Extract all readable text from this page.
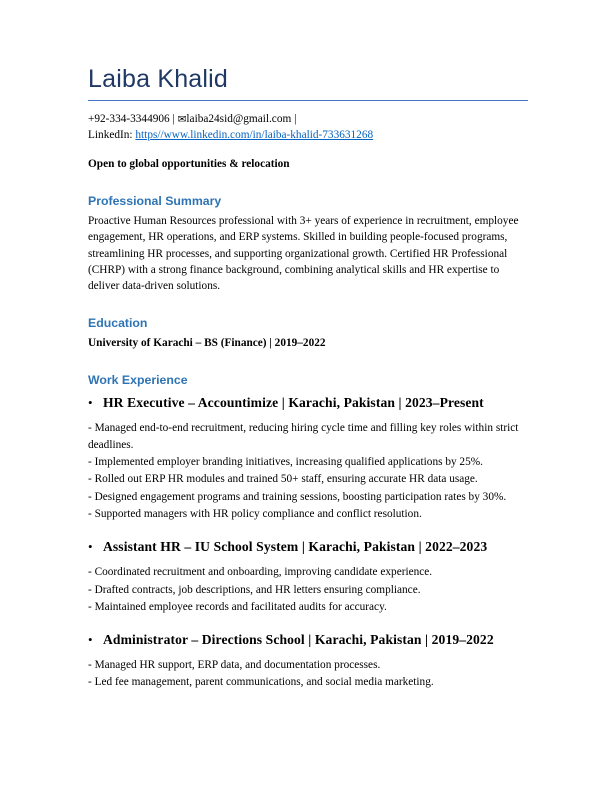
Laiba Khalid
+92-334-3344906 | ✉laiba24sid@gmail.com |
LinkedIn: https//www.linkedin.com/in/laiba-khalid-733631268
Open to global opportunities & relocation
Professional Summary
Proactive Human Resources professional with 3+ years of experience in recruitment, employee engagement, HR operations, and ERP systems. Skilled in building people-focused programs, streamlining HR processes, and supporting organizational growth. Certified HR Professional (CHRP) with a strong finance background, combining analytical skills and HR expertise to deliver data-driven solutions.
Education
University of Karachi – BS (Finance) | 2019–2022
Work Experience
• HR Executive – Accountimize | Karachi, Pakistan | 2023–Present
- Managed end-to-end recruitment, reducing hiring cycle time and filling key roles within strict deadlines.
- Implemented employer branding initiatives, increasing qualified applications by 25%.
- Rolled out ERP HR modules and trained 50+ staff, ensuring accurate HR data usage.
- Designed engagement programs and training sessions, boosting participation rates by 30%.
- Supported managers with HR policy compliance and conflict resolution.
• Assistant HR – IU School System | Karachi, Pakistan | 2022–2023
- Coordinated recruitment and onboarding, improving candidate experience.
- Drafted contracts, job descriptions, and HR letters ensuring compliance.
- Maintained employee records and facilitated audits for accuracy.
• Administrator – Directions School | Karachi, Pakistan | 2019–2022
- Managed HR support, ERP data, and documentation processes.
- Led fee management, parent communications, and social media marketing.
